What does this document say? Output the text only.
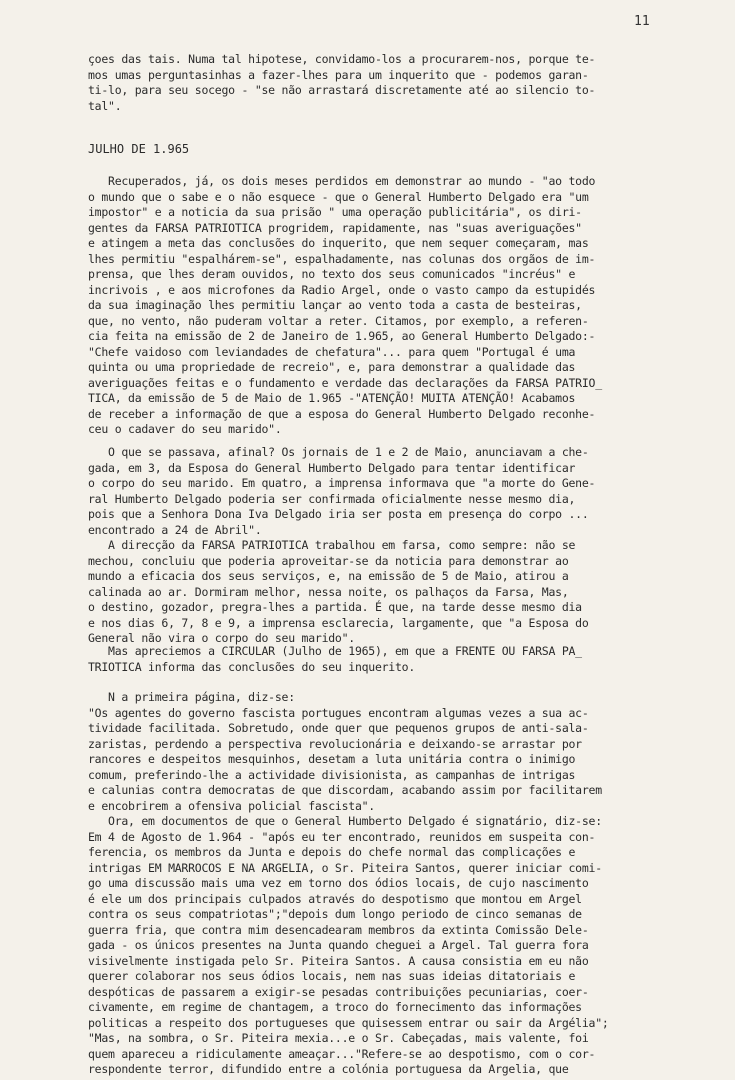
11
çoes das tais. Numa tal hipotese, convidamo-los a procurarem-nos, porque te-
mos umas perguntasinhas a fazer-lhes para um inquerito que - podemos garan-
ti-lo, para seu socego - "se não arrastará discretamente até ao silencio to-
tal".
JULHO DE 1.965
Recuperados, já, os dois meses perdidos em demonstrar ao mundo - "ao todo
o mundo que o sabe e o não esquece - que o General Humberto Delgado era "um
impostor" e a noticia da sua prisão " uma operação publicitária", os diri-
gentes da FARSA PATRIOTICA progridem, rapidamente, nas "suas averiguações"
e atingem a meta das conclusões do inquerito, que nem sequer começaram, mas
lhes permitiu "espalhárem-se", espalhadamente, nas colunas dos orgãos de im-
prensa, que lhes deram ouvidos, no texto dos seus comunicados "incréus" e
incrivois , e aos microfones da Radio Argel, onde o vasto campo da estupidés
da sua imaginação lhes permitiu lançar ao vento toda a casta de besteiras,
que, no vento, não puderam voltar a reter. Citamos, por exemplo, a referen-
cia feita na emissão de 2 de Janeiro de 1.965, ao General Humberto Delgado:-
"Chefe vaidoso com leviandades de chefatura"... para quem "Portugal é uma
quinta ou uma propriedade de recreio", e, para demonstrar a qualidade das
averiguações feitas e o fundamento e verdade das declarações da FARSA PATRIO_
TICA, da emissão de 5 de Maio de 1.965 -"ATENÇÃO! MUITA ATENÇÃO! Acabamos
de receber a informação de que a esposa do General Humberto Delgado reconhe-
ceu o cadaver do seu marido".
O que se passava, afinal? Os jornais de 1 e 2 de Maio, anunciavam a che-
gada, em 3, da Esposa do General Humberto Delgado para tentar identificar
o corpo do seu marido. Em quatro, a imprensa informava que "a morte do Gene-
ral Humberto Delgado poderia ser confirmada oficialmente nesse mesmo dia,
pois que a Senhora Dona Iva Delgado iria ser posta em presença do corpo ...
encontrado a 24 de Abril".
A direcção da FARSA PATRIOTICA trabalhou em farsa, como sempre: não se
mechou, concluiu que poderia aproveitar-se da noticia para demonstrar ao
mundo a eficacia dos seus serviços, e, na emissão de 5 de Maio, atirou a
calinada ao ar. Dormiram melhor, nessa noite, os palhaços da Farsa, Mas,
o destino, gozador, pregra-lhes a partida. É que, na tarde desse mesmo dia
e nos dias 6, 7, 8 e 9, a imprensa esclarecia, largamente, que "a Esposa do
General não vira o corpo do seu marido".
Mas apreciemos a CIRCULAR (Julho de 1965), em que a FRENTE OU FARSA PA_
TRIOTICA informa das conclusões do seu inquerito.
N a primeira página, diz-se:
"Os agentes do governo fascista portugues encontram algumas vezes a sua ac-
tividade facilitada. Sobretudo, onde quer que pequenos grupos de anti-sala-
zaristas, perdendo a perspectiva revolucionária e deixando-se arrastar por
rancores e despeitos mesquinhos, desetam a luta unitária contra o inimigo
comum, preferindo-lhe a actividade divisionista, as campanhas de intrigas
e calunias contra democratas de que discordam, acabando assim por facilitarem
e encobrirem a ofensiva policial fascista".
Ora, em documentos de que o General Humberto Delgado é signatário, diz-se:
Em 4 de Agosto de 1.964 - "após eu ter encontrado, reunidos em suspeita con-
ferencia, os membros da Junta e depois do chefe normal das complicações e
intrigas EM MARROCOS E NA ARGELIA, o Sr. Piteira Santos, querer iniciar comi-
go uma discussão mais uma vez em torno dos ódios locais, de cujo nascimento
é ele um dos principais culpados através do despotismo que montou em Argel
contra os seus compatriotas";"depois dum longo periodo de cinco semanas de
guerra fria, que contra mim desencadearam membros da extinta Comissão Dele-
gada - os únicos presentes na Junta quando cheguei a Argel. Tal guerra fora
visivelmente instigada pelo Sr. Piteira Santos. A causa consistia em eu não
querer colaborar nos seus ódios locais, nem nas suas ideias ditatoriais e
despóticas de passarem a exigir-se pesadas contribuições pecuniarias, coer-
civamente, em regime de chantagem, a troco do fornecimento das informações
politicas a respeito dos portugueses que quisessem entrar ou sair da Argélia";
"Mas, na sombra, o Sr. Piteira mexia...e o Sr. Cabeçadas, mais valente, foi
quem apareceu a ridiculamente ameaçar..."Refere-se ao despotismo, com o cor-
respondente terror, difundido entre a colónia portuguesa da Argelia, que
